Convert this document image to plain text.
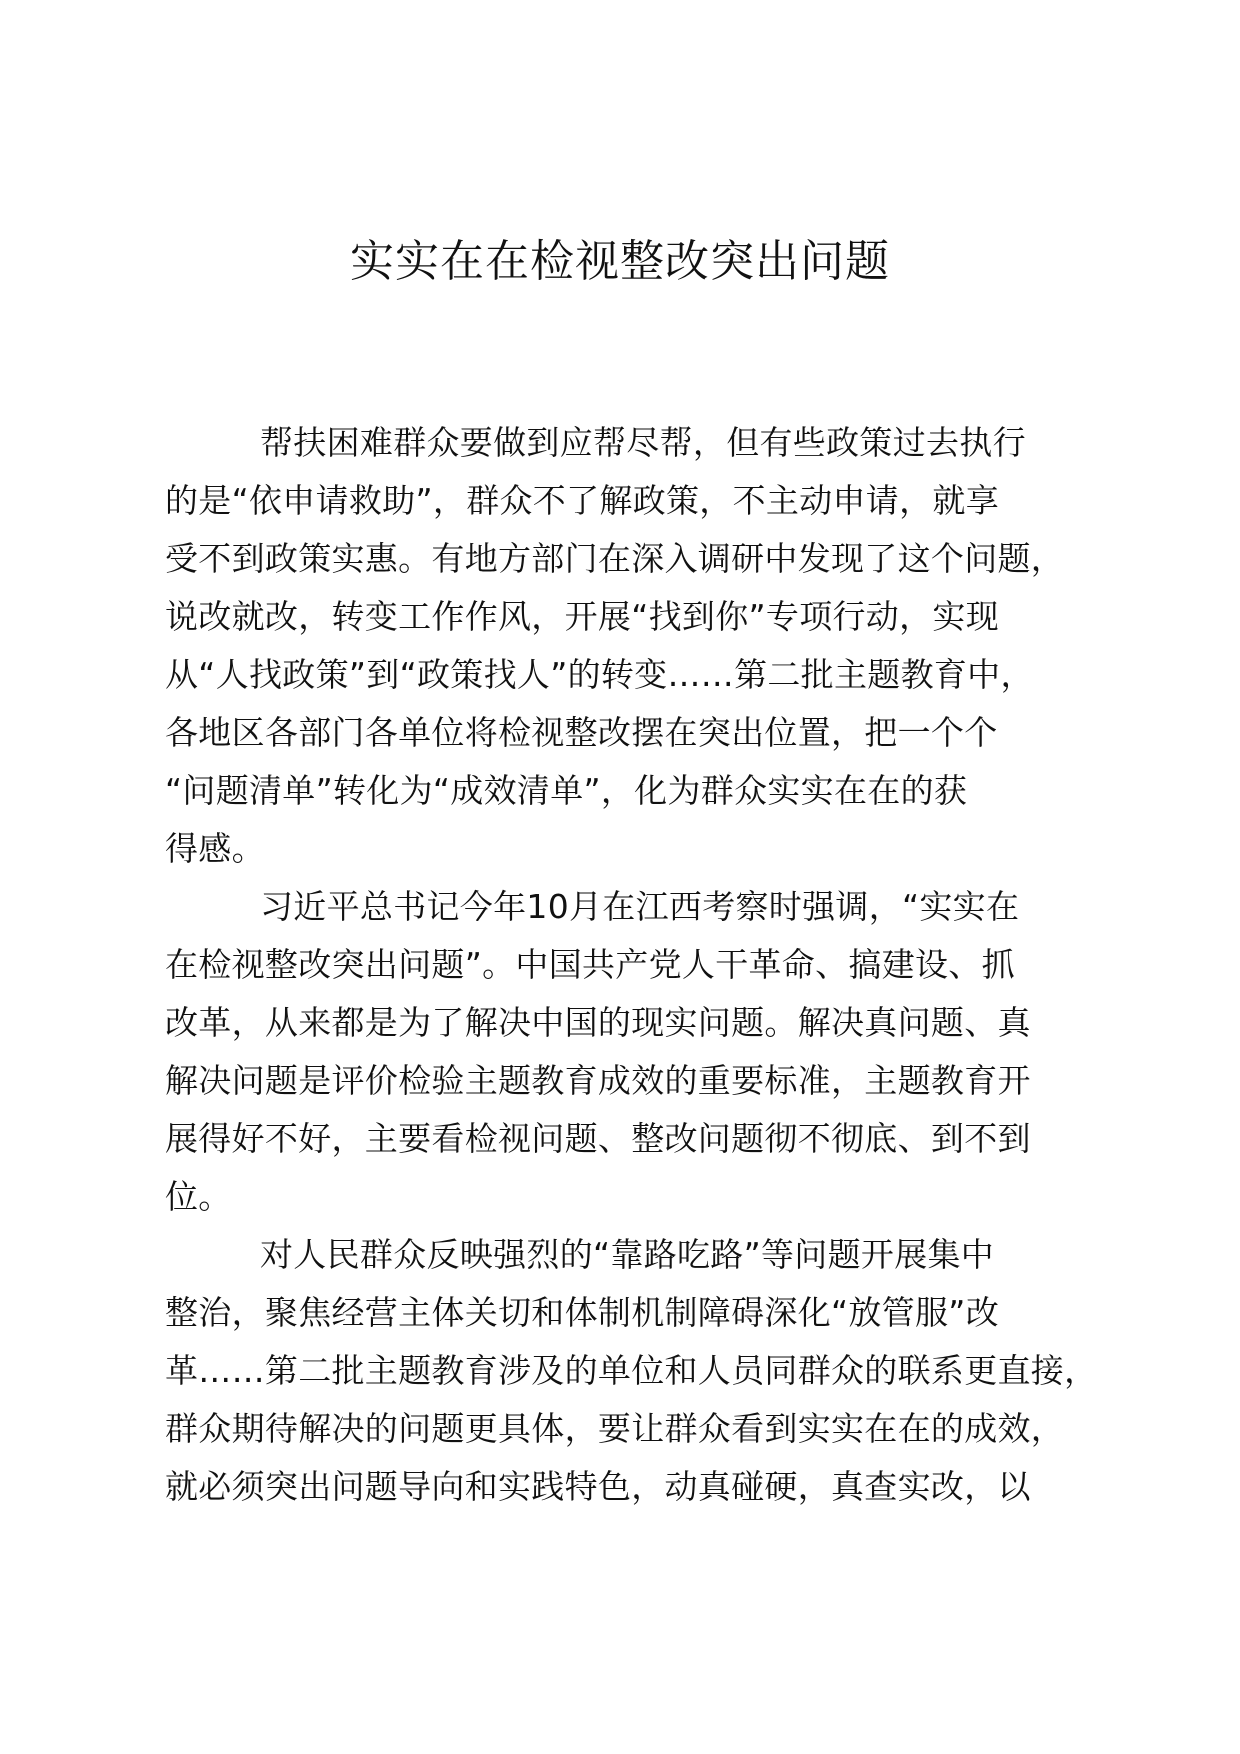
实实在在检视整改突出问题
帮扶困难群众要做到应帮尽帮，但有些政策过去执行
的是“依申请救助”，群众不了解政策，不主动申请，就享
受不到政策实惠。有地方部门在深入调研中发现了这个问题，
说改就改，转变工作作风，开展“找到你”专项行动，实现
从“人找政策”到“政策找人”的转变……第二批主题教育中，
各地区各部门各单位将检视整改摆在突出位置，把一个个
“问题清单”转化为“成效清单”，化为群众实实在在的获
得感。
习近平总书记今年10月在江西考察时强调，“实实在
在检视整改突出问题”。中国共产党人干革命、搞建设、抓
改革，从来都是为了解决中国的现实问题。解决真问题、真
解决问题是评价检验主题教育成效的重要标准，主题教育开
展得好不好，主要看检视问题、整改问题彻不彻底、到不到
位。
对人民群众反映强烈的“靠路吃路”等问题开展集中
整治，聚焦经营主体关切和体制机制障碍深化“放管服”改
革……第二批主题教育涉及的单位和人员同群众的联系更直接，
群众期待解决的问题更具体，要让群众看到实实在在的成效，
就必须突出问题导向和实践特色，动真碰硬，真查实改，以
